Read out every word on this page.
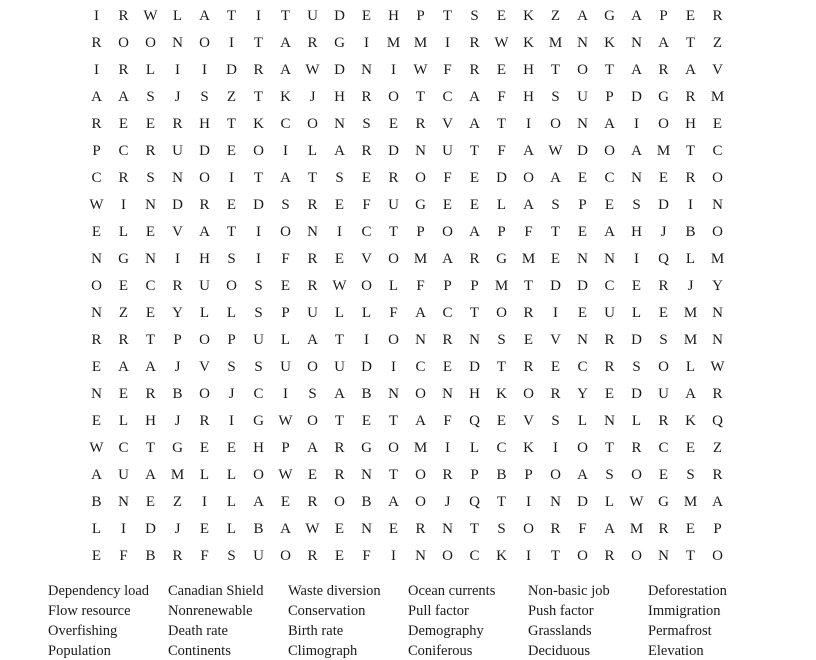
I	R W	L	A	T	I	T	U	D	E	H	P	T	S	E	K	Z	A	G	A	P	E	R
R	O	O	N	O	I	T	A	R	G	I	M M	I	R W K M N	K	N	A	T	Z
I	R	L	I	I	D	R	A W D	N	I	W	F	R	E	H	T	O	T	A	R	A	V
A	A	S	J	S	Z	T	K	J	H	R	O	T	C	A	F	H	S	U	P	D	G	R	M
R	E	E	R	H	T	K	C	O	N	S	E	R	V	A	T	I	O	N	A	I	O	H	E
P	C	R	U	D	E	O	I	L	A	R	D	N	U	T	F	A W D	O	A M	T	C
C	R	S	N	O	I	T	A	T	S	E	R	O	F	E	D	O	A	E	C	N	E	R	O
W	I	N	D	R	E	D	S	R	E	F	U	G	E	E	L	A	S	P	E	S	D	I	N
E	L	E	V	A	T	I	O	N	I	C	T	P	O	A	P	F	T	E	A	H	J	B	O
N	G	N	I	H	S	I	F	R	E	V	O M A	R	G M	E	N	N	I	Q	L	M
O	E	C	R	U	O	S	E	R W O	L	F	P	P	M	T	D	D	C	E	R	J	Y
N	Z	E	Y	L	L	S	P	U	L	L	F	A	C	T	O	R	I	E	U	L	E	M N
R	R	T	P	O	P	U	L	A	T	I	O	N	R	N	S	E	V	N	R	D	S	M N
E	A	A	J	V	S	S	U	O	U	D	I	C	E	D	T	R	E	C	R	S	O	L	W
N	E	R	B	O	J	C	I	S	A	B	N	O	N	H	K	O	R	Y	E	D	U	A	R
E	L	H	J	R	I	G W O	T	E	T	A	F	Q	E	V	S	L	N	L	R	K	Q
W C	T	G	E	E	H	P	A	R	G	O M	I	L	C	K	I	O	T	R	C	E	Z
A	U	A M	L	L	O W	E	R	N	T	O	R	P	B	P	O	A	S	O	E	S	R
B	N	E	Z	I	L	A	E	R	O	B	A	O	J	Q	T	I	N	D	L	W G M A
L	I	D	J	E	L	B	A W	E	N	E	R	N	T	S	O	R	F	A M	R	E	P
E	F	B	R	F	S	U	O	R	E	F	I	N	O	C	K	I	T	O	R	O	N	T	O
Dependency load
Flow resource
Overfishing
Population
Canadian Shield
Nonrenewable
Death rate
Continents
Waste diversion
Conservation
Birth rate
Climograph
Ocean currents
Pull factor
Demography
Coniferous
Non-basic job
Push factor
Grasslands
Deciduous
Deforestation
Immigration
Permafrost
Elevation
